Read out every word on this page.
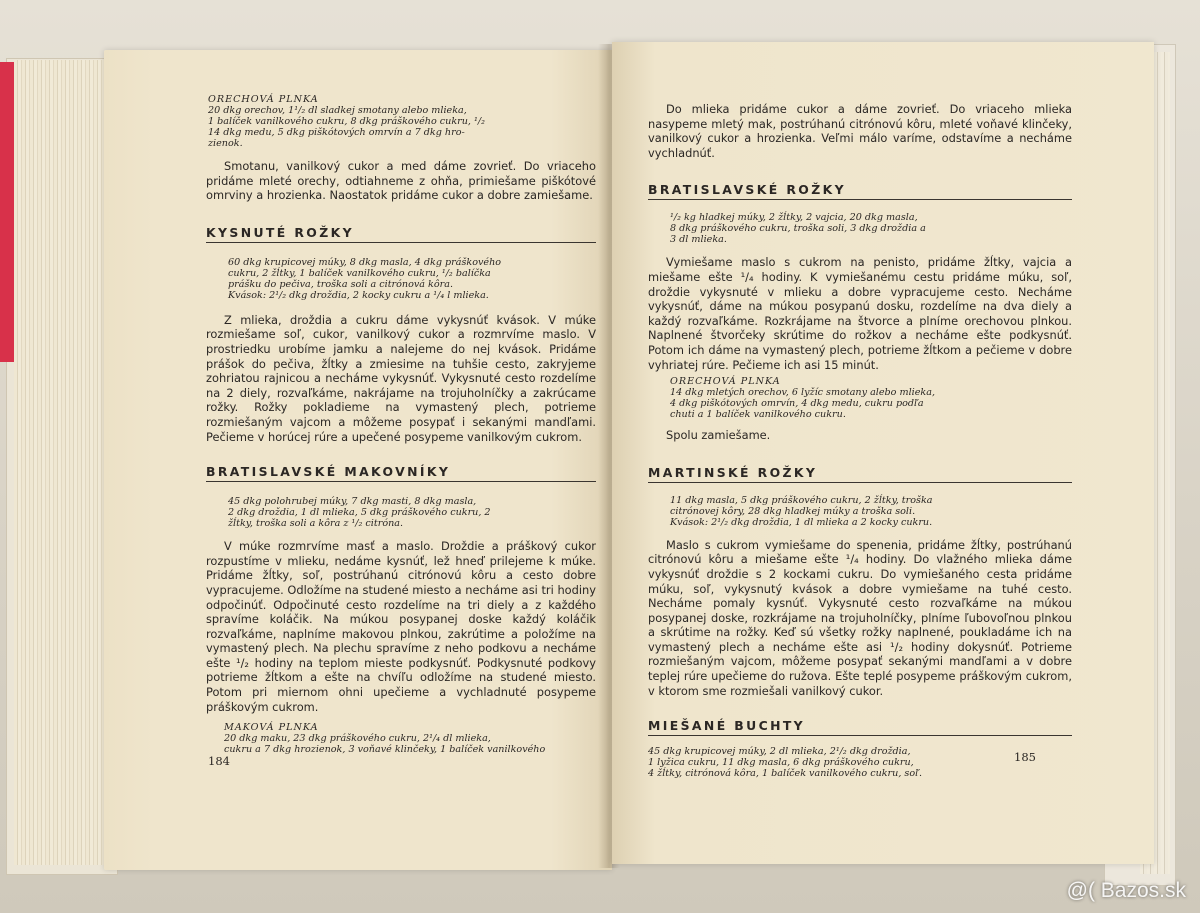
ORECHOVÁ PLNKA

20 dkg orechov, 1¹/₂ dl sladkej smotany alebo mlieka,

1 balíček vanilkového cukru, 8 dkg práškového cukru, ¹/₂

14 dkg medu, 5 dkg piškótových omrvín a 7 dkg hro-

zienok.

Smotanu, vanilkový cukor a med dáme zovrieť. Do vriaceho pridáme mleté orechy, odtiahneme z ohňa, primiešame piškótové omrviny a hrozienka. Naostatok pridáme cukor a dobre zamiešame.

KYSNUTÉ ROŽKY

60 dkg krupicovej múky, 8 dkg masla, 4 dkg práškového

cukru, 2 žĺtky, 1 balíček vanilkového cukru, ¹/₂ balíčka

prášku do pečiva, troška soli a citrónová kôra.

Kvások: 2¹/₂ dkg droždia, 2 kocky cukru a ¹/₄ l mlieka.

Z mlieka, droždia a cukru dáme vykysnúť kvások. V múke rozmiešame soľ, cukor, vanilkový cukor a rozmrvíme maslo. V prostriedku urobíme jamku a nalejeme do nej kvások. Pridáme prášok do pečiva, žĺtky a zmiesime na tuhšie cesto, zakryjeme zohriatou rajnicou a necháme vykysnúť. Vykysnuté cesto rozdelíme na 2 diely, rozvaľkáme, nakrájame na trojuholníčky a zakrúcame rožky. Rožky pokladieme na vymastený plech, potrieme rozmiešaným vajcom a môžeme posypať i sekanými mandľami. Pečieme v horúcej rúre a upečené posypeme vanilkovým cukrom.

BRATISLAVSKÉ MAKOVNÍKY

45 dkg polohrubej múky, 7 dkg masti, 8 dkg masla,

2 dkg droždia, 1 dl mlieka, 5 dkg práškového cukru, 2

žĺtky, troška soli a kôra z ¹/₂ citróna.

V múke rozmrvíme masť a maslo. Droždie a práškový cukor rozpustíme v mlieku, nedáme kysnúť, lež hneď prilejeme k múke. Pridáme žĺtky, soľ, postrúhanú citrónovú kôru a cesto dobre vypracujeme. Odložíme na studené miesto a necháme asi tri hodiny odpočinúť. Odpočinuté cesto rozdelíme na tri diely a z každého spravíme koláčik. Na múkou posypanej doske každý koláčik rozvaľkáme, naplníme makovou plnkou, zakrútime a položíme na vymastený plech. Na plechu spravíme z neho podkovu a necháme ešte ¹/₂ hodiny na teplom mieste podkysnúť. Podkysnuté podkovy potrieme žĺtkom a ešte na chvíľu odložíme na studené miesto. Potom pri miernom ohni upečieme a vychladnuté posypeme práškovým cukrom.

MAKOVÁ PLNKA

20 dkg maku, 23 dkg práškového cukru, 2¹/₄ dl mlieka,

cukru a 7 dkg hrozienok, 3 voňavé klinčeky, 1 balíček vanilkového

184

Do mlieka pridáme cukor a dáme zovrieť. Do vriaceho mlieka nasypeme mletý mak, postrúhanú citrónovú kôru, mleté voňavé klinčeky, vanilkový cukor a hrozienka. Veľmi málo varíme, odstavíme a necháme vychladnúť.

BRATISLAVSKÉ ROŽKY

¹/₂ kg hladkej múky, 2 žĺtky, 2 vajcia, 20 dkg masla,

8 dkg práškového cukru, troška soli, 3 dkg droždia a

3 dl mlieka.

Vymiešame maslo s cukrom na penisto, pridáme žĺtky, vajcia a miešame ešte ¹/₄ hodiny. K vymiešanému cestu pridáme múku, soľ, droždie vykysnuté v mlieku a dobre vypracujeme cesto. Necháme vykysnúť, dáme na múkou posypanú dosku, rozdelíme na dva diely a každý rozvaľkáme. Rozkrájame na štvorce a plníme orechovou plnkou. Naplnené štvorčeky skrútime do rožkov a necháme ešte podkysnúť. Potom ich dáme na vymastený plech, potrieme žĺtkom a pečieme v dobre vyhriatej rúre. Pečieme ich asi 15 minút.

ORECHOVÁ PLNKA

14 dkg mletých orechov, 6 lyžíc smotany alebo mlieka,

4 dkg piškótových omrvín, 4 dkg medu, cukru podľa

chuti a 1 balíček vanilkového cukru.

Spolu zamiešame.

MARTINSKÉ ROŽKY

11 dkg masla, 5 dkg práškového cukru, 2 žĺtky, troška

citrónovej kôry, 28 dkg hladkej múky a troška soli.

Kvások: 2¹/₂ dkg droždia, 1 dl mlieka a 2 kocky cukru.

Maslo s cukrom vymiešame do spenenia, pridáme žĺtky, postrúhanú citrónovú kôru a miešame ešte ¹/₄ hodiny. Do vlažného mlieka dáme vykysnúť droždie s 2 kockami cukru. Do vymiešaného cesta pridáme múku, soľ, vykysnutý kvások a dobre vymiešame na tuhé cesto. Necháme pomaly kysnúť. Vykysnuté cesto rozvaľkáme na múkou posypanej doske, rozkrájame na trojuholníčky, plníme ľubovoľnou plnkou a skrútime na rožky. Keď sú všetky rožky naplnené, poukladáme ich na vymastený plech a necháme ešte asi ¹/₂ hodiny dokysnúť. Potrieme rozmiešaným vajcom, môžeme posypať sekanými mandľami a v dobre teplej rúre upečieme do ružova. Ešte teplé posypeme práškovým cukrom, v ktorom sme rozmiešali vanilkový cukor.

MIEŠANÉ BUCHTY

45 dkg krupicovej múky, 2 dl mlieka, 2¹/₂ dkg droždia,

1 lyžica cukru, 11 dkg masla, 6 dkg práškového cukru,

4 žĺtky, citrónová kôra, 1 balíček vanilkového cukru, soľ.

185
@( Bazos.sk
